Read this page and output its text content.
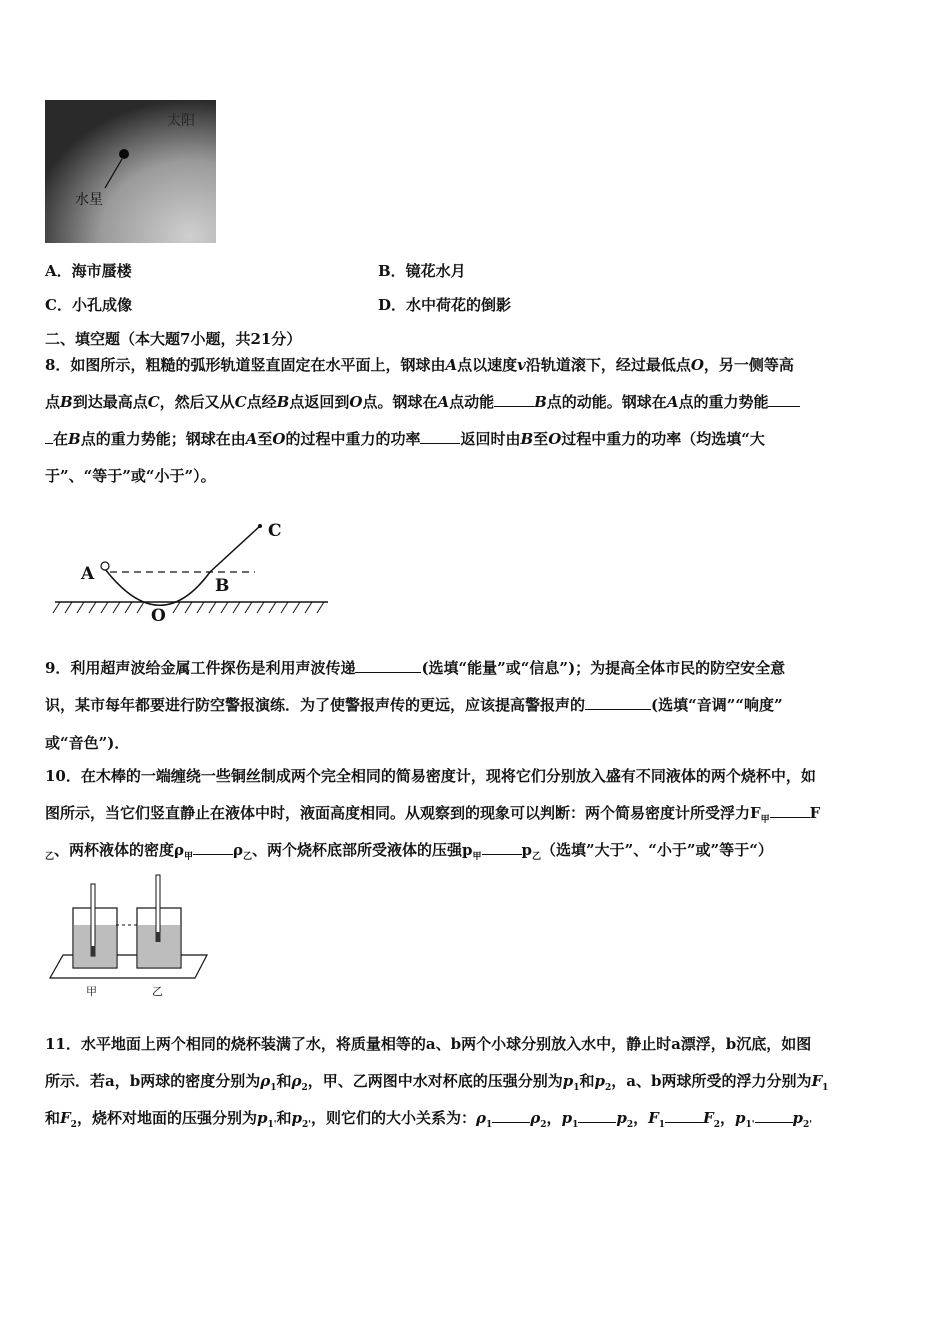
太阳
水星
A．海市蜃楼	B．镜花水月
C．小孔成像	D．水中荷花的倒影
二、填空题（本大题7小题，共21分）
8．如图所示，粗糙的弧形轨道竖直固定在水平面上，钢球由A点以速度v沿轨道滚下，经过最低点O，另一侧等高
点B到达最高点C，然后又从C点经B点返回到O点。钢球在A点动能	B点的动能。钢球在A点的重力势能
在B点的重力势能；钢球在由A至O的过程中重力的功率	返回时由B至O过程中重力的功率（均选填“大
于”、“等于”或“小于”）。
A
B
C
O
9．利用超声波给金属工件探伤是利用声波传递	(选填“能量”或“信息”)；为提高全体市民的防空安全意
识，某市每年都要进行防空警报演练．为了使警报声传的更远，应该提高警报声的	(选填“音调”“响度”
或“音色”)．
10．在木棒的一端缠绕一些铜丝制成两个完全相同的简易密度计，现将它们分别放入盛有不同液体的两个烧杯中，如
图所示，当它们竖直静止在液体中时，液面高度相同。从观察到的现象可以判断：两个简易密度计所受浮力$F_甲$	F
$_乙$、两杯液体的密度$\rho_甲$	$\rho_乙$、两个烧杯底部所受液体的压强$p_甲$	$p_乙$（选填”大于”、“小于”或”等于“）
甲	乙
11．水平地面上两个相同的烧杯装满了水，将质量相等的a、b两个小球分别放入水中，静止时a漂浮，b沉底，如图
所示．若a，b两球的密度分别为$\rho_1$和$\rho_2$，甲、乙两图中水对杯底的压强分别为$p_1$和$p_2$，a、b两球所受的浮力分别为$F_1$
和$F_2$，烧杯对地面的压强分别为$p_{1'}$和$p_{2'}$，则它们的大小关系为：$\rho_1$	$\rho_2$，$p_1$	$p_2$，$F_1$	$F_2$，$p_{1'}$	$p_{2'}$
